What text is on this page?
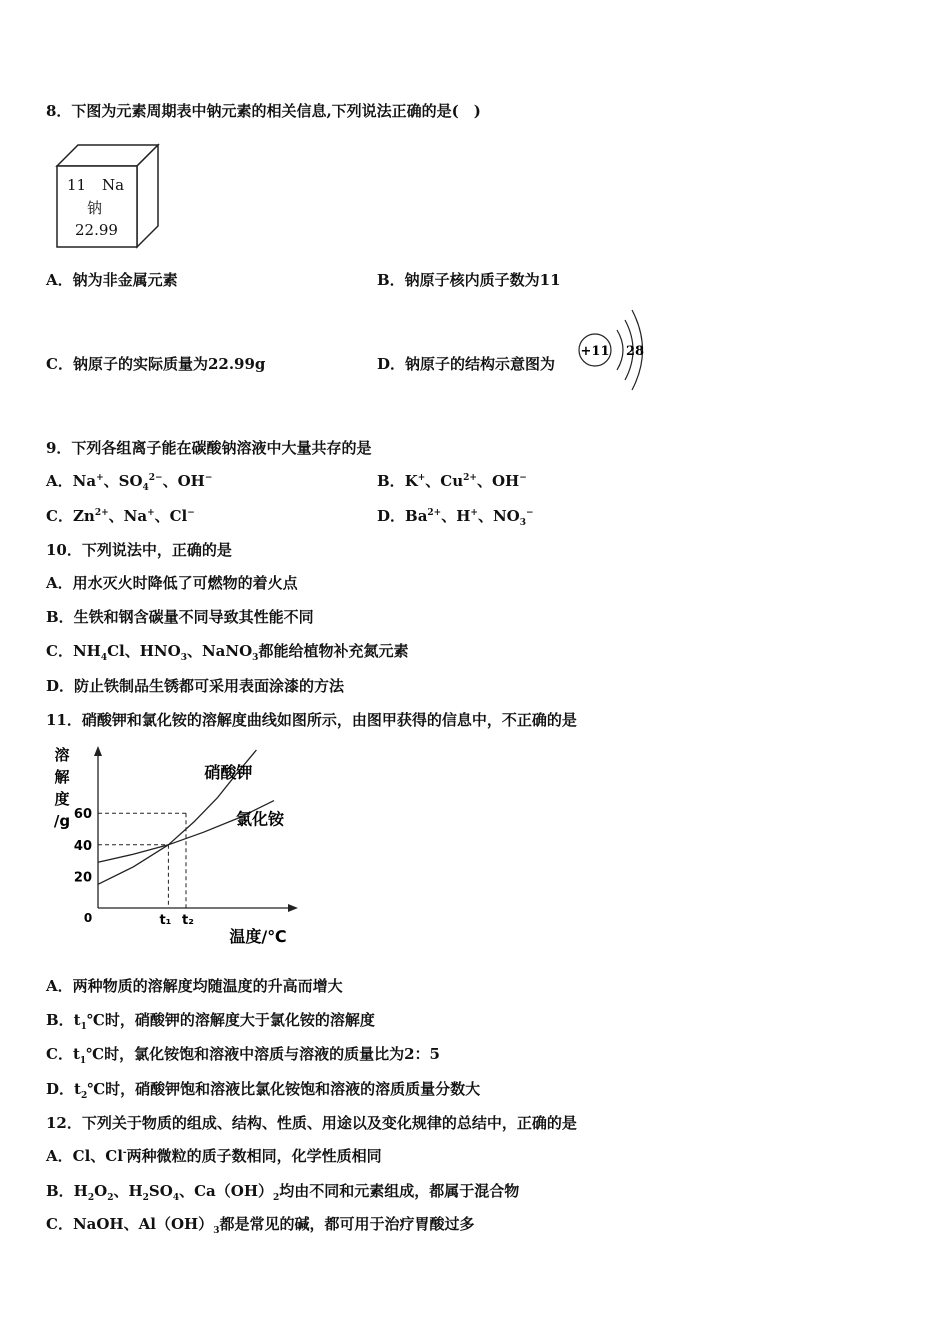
8．下图为元素周期表中钠元素的相关信息,下列说法正确的是(　)
11 Na
钠
22.99
A．钠为非金属元素	B．钠原子核内质子数为11
C．钠原子的实际质量为22.99g	D．钠原子的结构示意图为
+11 2 8
9．下列各组离子能在碳酸钠溶液中大量共存的是
A．Na+、$SO_4^{2-}$、OH−	B．K+、$Cu^{2+}$、OH−
C．$Zn^{2+}$、Na+、Cl−	D．$Ba^{2+}$、H+、$NO_3^-$
10．下列说法中，正确的是
A．用水灭火时降低了可燃物的着火点
B．生铁和钢含碳量不同导致其性能不同
C．$NH_4Cl$、$HNO_3$、NaNO$_3$都能给植物补充氮元素
D．防止铁制品生锈都可采用表面涂漆的方法
11．硝酸钾和氯化铵的溶解度曲线如图所示，由图甲获得的信息中，不正确的是
溶
解
度
/g
0
20
40
60
硝酸钾
氯化铵
t₁ t₂
温度/℃
A．两种物质的溶解度均随温度的升高而增大
B．$t_1℃$时，硝酸钾的溶解度大于氯化铵的溶解度
C．$t_1℃$时，氯化铵饱和溶液中溶质与溶液的质量比为2：5
D．$t_2℃$时，硝酸钾饱和溶液比氯化铵饱和溶液的溶质质量分数大
12．下列关于物质的组成、结构、性质、用途以及变化规律的总结中，正确的是
A．Cl、Cl-两种微粒的质子数相同，化学性质相同
B．$H_2O_2$、$H_2SO_4$、$Ca(OH)_2$均由不同和元素组成，都属于混合物
C．NaOH、$Al(OH)_3$都是常见的碱，都可用于治疗胃酸过多
